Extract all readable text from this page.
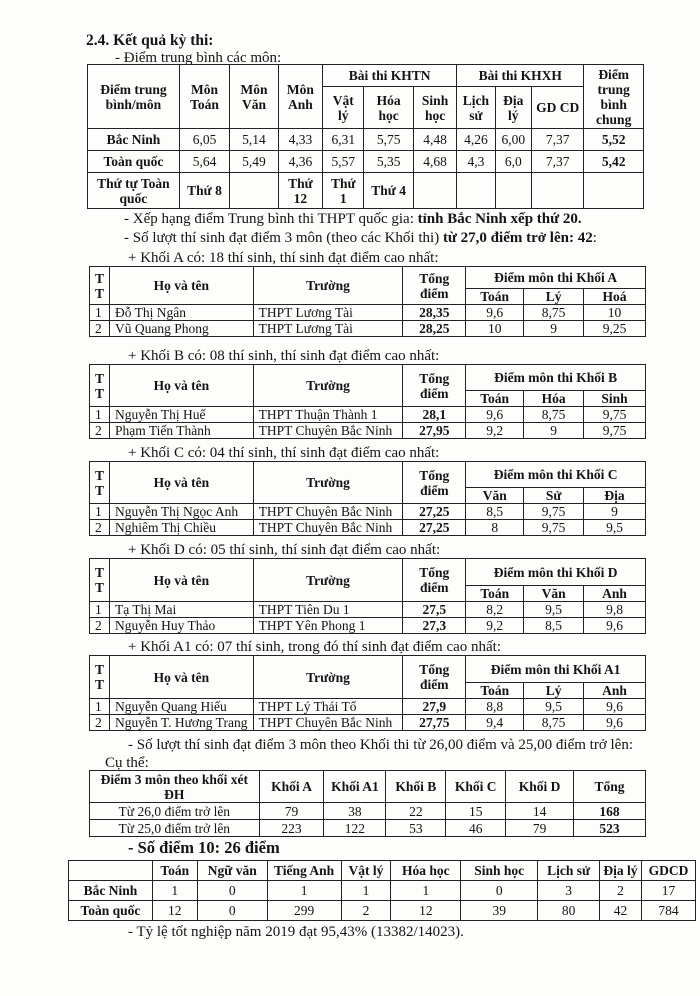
2.4. Kết quả kỳ thi:
- Điểm trung bình các môn:
Điểm trung bình/môn	Môn Toán	Môn Văn	Môn Anh	Bài thi KHTN			Bài thi KHXH			Điểm trung bình chung
				Vật lý	Hóa học	Sinh học	Lịch sử	Địa lý	GD CD	
Bắc Ninh	6,05	5,14	4,33	6,31	5,75	4,48	4,26	6,00	7,37	5,52
Toàn quốc	5,64	5,49	4,36	5,57	5,35	4,68	4,3	6,0	7,37	5,42
Thứ tự Toàn quốc	Thứ 8		Thứ 12	Thứ 1	Thứ 4					
- Xếp hạng điểm Trung bình thi THPT quốc gia: tỉnh Bắc Ninh xếp thứ 20.
- Số lượt thí sinh đạt điểm 3 môn (theo các Khối thi) từ 27,0 điểm trở lên: 42:
+ Khối A có: 18 thí sinh, thí sinh đạt điểm cao nhất:
T T	Họ và tên	Trường	Tổng điểm	Điểm môn thi Khối A		
				Toán	Lý	Hoá
1	Đỗ Thị Ngân	THPT Lương Tài	28,35	9,6	8,75	10
2	Vũ Quang Phong	THPT Lương Tài	28,25	10	9	9,25
+ Khối B có: 08 thí sinh, thí sinh đạt điểm cao nhất:
T T	Họ và tên	Trường	Tổng điểm	Điểm môn thi Khối B		
				Toán	Hóa	Sinh
1	Nguyễn Thị Huế	THPT Thuận Thành 1	28,1	9,6	8,75	9,75
2	Phạm Tiến Thành	THPT Chuyên Bắc Ninh	27,95	9,2	9	9,75
+ Khối C có: 04 thí sinh, thí sinh đạt điểm cao nhất:
T T	Họ và tên	Trường	Tổng điểm	Điểm môn thi Khối C		
				Văn	Sử	Địa
1	Nguyễn Thị Ngọc Anh	THPT Chuyên Bắc Ninh	27,25	8,5	9,75	9
2	Nghiêm Thị Chiều	THPT Chuyên Bắc Ninh	27,25	8	9,75	9,5
+ Khối D có: 05 thí sinh, thí sinh đạt điểm cao nhất:
T T	Họ và tên	Trường	Tổng điểm	Điểm môn thi Khối D		
				Toán	Văn	Anh
1	Tạ Thị Mai	THPT Tiên Du 1	27,5	8,2	9,5	9,8
2	Nguyễn Huy Thảo	THPT Yên Phong 1	27,3	9,2	8,5	9,6
+ Khối A1 có: 07 thí sinh, trong đó thí sinh đạt điểm cao nhất:
T T	Họ và tên	Trường	Tổng điểm	Điểm môn thi Khối A1		
				Toán	Lý	Anh
1	Nguyễn Quang Hiếu	THPT Lý Thái Tổ	27,9	8,8	9,5	9,6
2	Nguyễn T. Hương Trang	THPT Chuyên Bắc Ninh	27,75	9,4	8,75	9,6
- Số lượt thí sinh đạt điểm 3 môn theo Khối thi từ 26,00 điểm và 25,00 điểm trở lên:
Cụ thể:
Điểm 3 môn theo khối xét ĐH	Khối A	Khối A1	Khối B	Khối C	Khối D	Tổng
Từ 26,0 điểm trở lên	79	38	22	15	14	168
Từ 25,0 điểm trở lên	223	122	53	46	79	523
- Số điểm 10: 26 điểm
	Toán	Ngữ văn	Tiếng Anh	Vật lý	Hóa học	Sinh học	Lịch sử	Địa lý	GDCD
Bắc Ninh	1	0	1	1	1	0	3	2	17
Toàn quốc	12	0	299	2	12	39	80	42	784
- Tỷ lệ tốt nghiệp năm 2019 đạt 95,43% (13382/14023).
